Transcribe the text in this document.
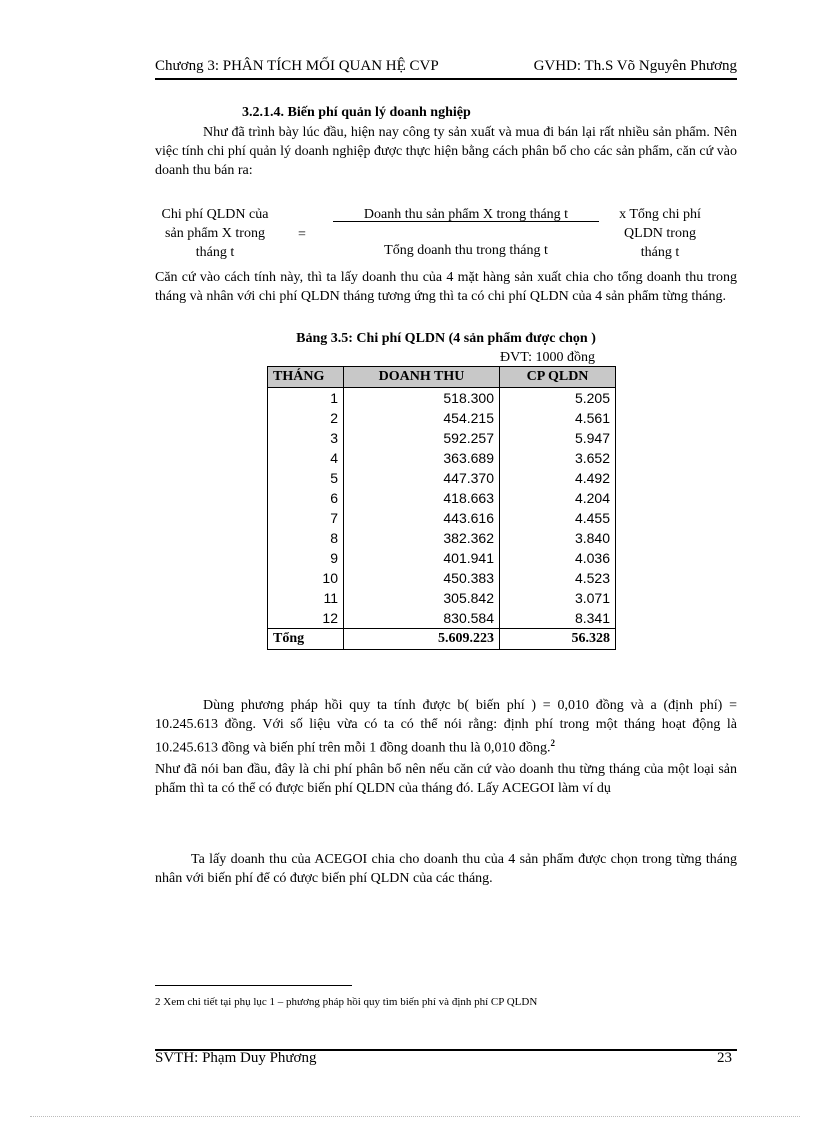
Chương 3: PHÂN TÍCH MỐI QUAN HỆ CVP	GVHD: Th.S Võ Nguyên Phương
3.2.1.4. Biến phí quản lý doanh nghiệp
Như đã trình bày lúc đầu, hiện nay công ty sản xuất và mua đi bán lại rất nhiều sản phẩm. Nên việc tính chi phí quản lý doanh nghiệp được thực hiện bằng cách phân bổ cho các sản phẩm, căn cứ vào doanh thu bán ra:
Chi phí QLDN của
sản phẩm X trong
tháng t
=
Doanh thu sản phẩm X trong tháng t
Tổng doanh thu trong tháng t
x Tổng chi phí
QLDN trong
tháng t
Căn cứ vào cách tính này, thì ta lấy doanh thu của 4 mặt hàng sản xuất chia cho tổng doanh thu trong tháng và nhân với chi phí QLDN tháng tương ứng thì ta có chi phí QLDN của 4 sản phẩm từng tháng.
Bảng 3.5: Chi phí QLDN (4 sản phẩm được chọn )
ĐVT: 1000 đồng
THÁNG	DOANH THU	CP QLDN
1	518.300	5.205
2	454.215	4.561
3	592.257	5.947
4	363.689	3.652
5	447.370	4.492
6	418.663	4.204
7	443.616	4.455
8	382.362	3.840
9	401.941	4.036
10	450.383	4.523
11	305.842	3.071
12	830.584	8.341
Tổng	5.609.223	56.328
Dùng phương pháp hồi quy ta tính được b( biến phí ) = 0,010 đồng và a (định phí) = 10.245.613 đồng. Với số liệu vừa có ta có thể nói rằng: định phí trong một tháng hoạt động là 10.245.613 đồng và biến phí trên mỗi 1 đồng doanh thu là 0,010 đồng.$^2$
Như đã nói ban đầu, đây là chi phí phân bổ nên nếu căn cứ vào doanh thu từng tháng của một loại sản phẩm thì ta có thể có được biến phí QLDN của tháng đó. Lấy ACEGOI làm ví dụ
Ta lấy doanh thu của ACEGOI chia cho doanh thu của 4 sản phẩm được chọn trong từng tháng nhân với biến phí để có được biến phí QLDN của các tháng.
2 Xem chi tiết tại phụ lục 1 – phương pháp hồi quy tìm biến phí và định phí CP QLDN
SVTH: Phạm Duy Phương	23
